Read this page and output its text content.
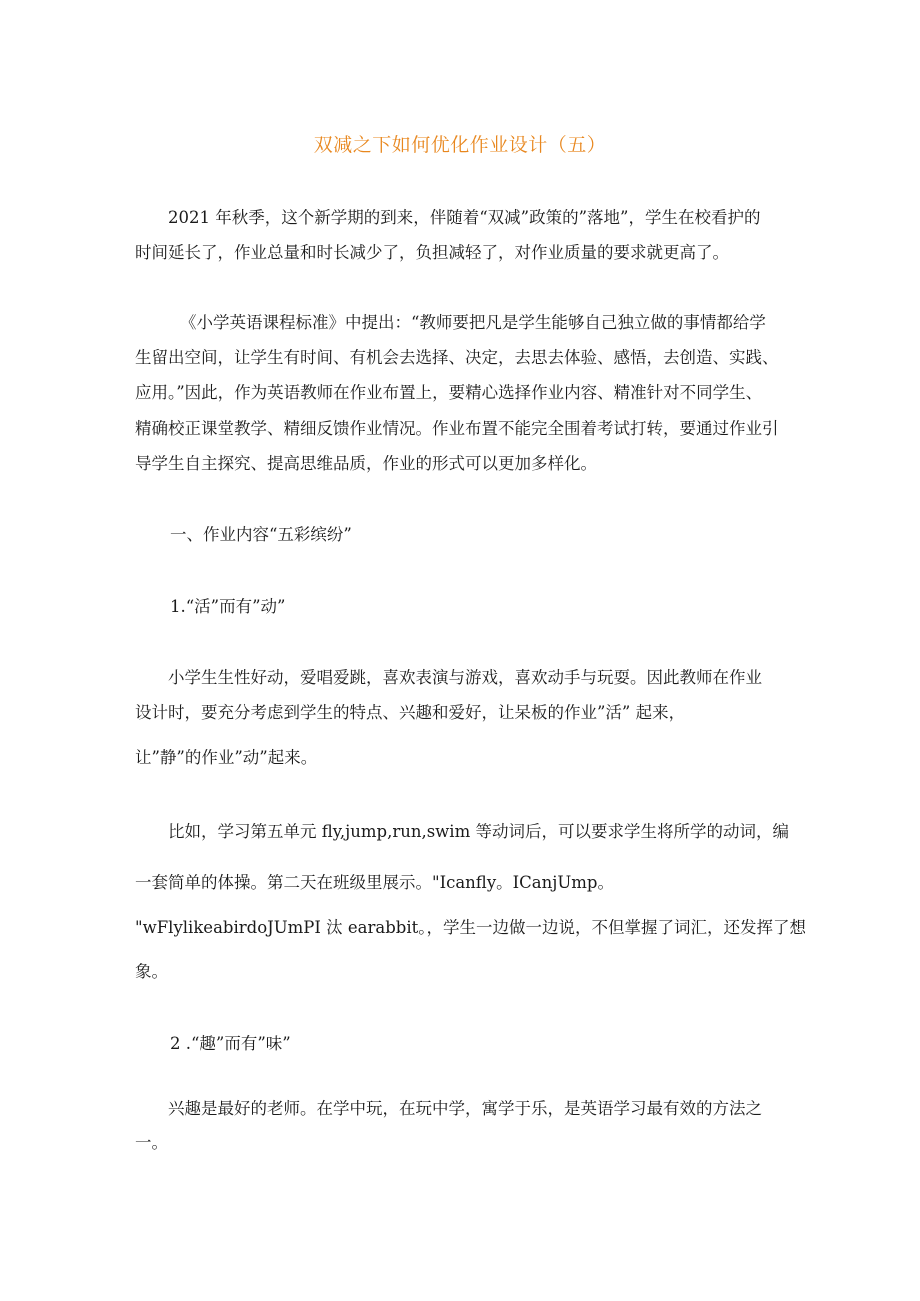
双减之下如何优化作业设计（五）
2021 年秋季，这个新学期的到来，伴随着“双减”政策的”落地”，学生在校看护的
时间延长了，作业总量和时长减少了，负担减轻了，对作业质量的要求就更高了。
《小学英语课程标准》中提出：“教师要把凡是学生能够自己独立做的事情都给学
生留出空间，让学生有时间、有机会去选择、决定，去思去体验、感悟，去创造、实践、
应用。”因此，作为英语教师在作业布置上，要精心选择作业内容、精准针对不同学生、
精确校正课堂教学、精细反馈作业情况。作业布置不能完全围着考试打转，要通过作业引
导学生自主探究、提高思维品质，作业的形式可以更加多样化。
一、作业内容“五彩缤纷”
1.“活”而有”动”
小学生生性好动，爱唱爱跳，喜欢表演与游戏，喜欢动手与玩耍。因此教师在作业
设计时，要充分考虑到学生的特点、兴趣和爱好，让呆板的作业”活” 起来，
让”静”的作业”动”起来。
比如，学习第五单元 fly,jump,run,swim 等动词后，可以要求学生将所学的动词，编
一套简单的体操。第二天在班级里展示。"Icanfly。ICanjUmp。
"wFlylikeabirdoJUmPI 汰 earabbit。，学生一边做一边说，不但掌握了词汇，还发挥了想
象。
2 .“趣”而有”味”
兴趣是最好的老师。在学中玩，在玩中学，寓学于乐，是英语学习最有效的方法之
一。
